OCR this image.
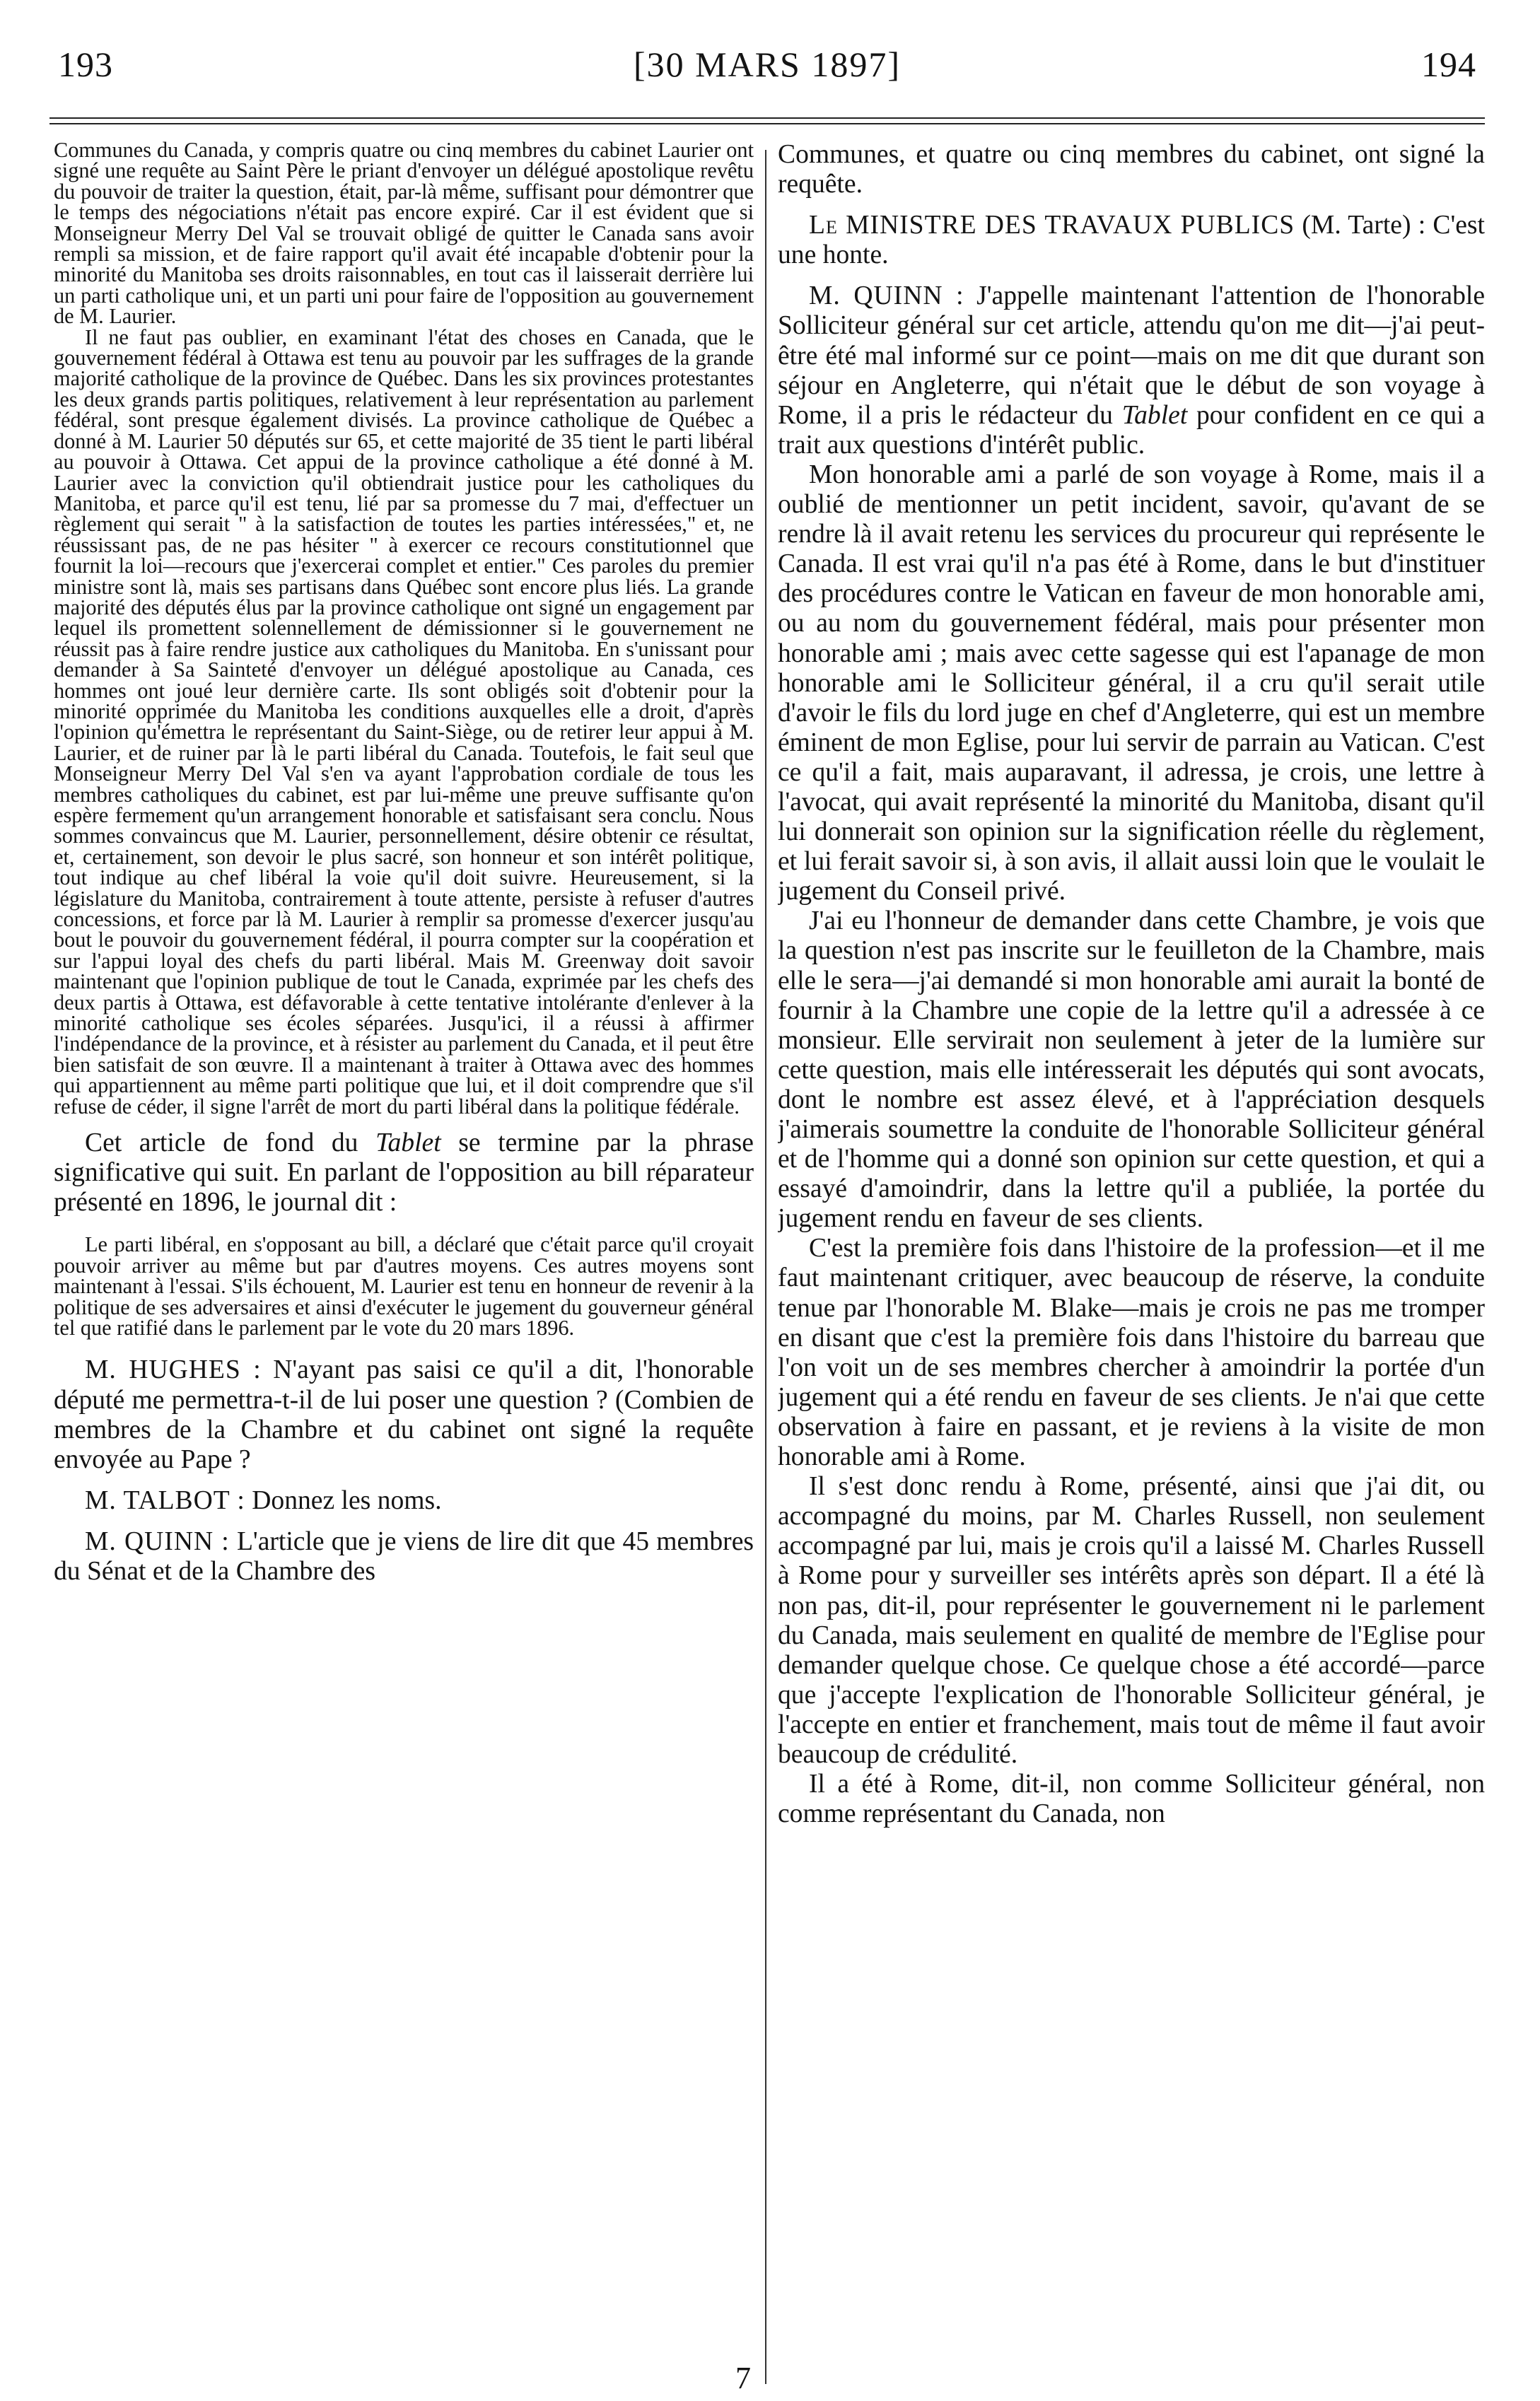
193	[30 MARS 1897]	194

Communes du Canada, y compris quatre ou cinq membres du cabinet Laurier ont signé une requête au Saint Père le priant d'envoyer un délégué apostolique revêtu du pouvoir de traiter la question, était, par-là même, suffisant pour démontrer que le temps des négociations n'était pas encore expiré. Car il est évident que si Monseigneur Merry Del Val se trouvait obligé de quitter le Canada sans avoir rempli sa mission, et de faire rapport qu'il avait été incapable d'obtenir pour la minorité du Manitoba ses droits raisonnables, en tout cas il laisserait derrière lui un parti catholique uni, et un parti uni pour faire de l'opposition au gouvernement de M. Laurier.

Il ne faut pas oublier, en examinant l'état des choses en Canada, que le gouvernement fédéral à Ottawa est tenu au pouvoir par les suffrages de la grande majorité catholique de la province de Québec. Dans les six provinces protestantes les deux grands partis politiques, relativement à leur représentation au parlement fédéral, sont presque également divisés. La province catholique de Québec a donné à M. Laurier 50 députés sur 65, et cette majorité de 35 tient le parti libéral au pouvoir à Ottawa. Cet appui de la province catholique a été donné à M. Laurier avec la conviction qu'il obtiendrait justice pour les catholiques du Manitoba, et parce qu'il est tenu, lié par sa promesse du 7 mai, d'effectuer un règlement qui serait " à la satisfaction de toutes les parties intéressées," et, ne réussissant pas, de ne pas hésiter " à exercer ce recours constitutionnel que fournit la loi—recours que j'exercerai complet et entier." Ces paroles du premier ministre sont là, mais ses partisans dans Québec sont encore plus liés. La grande majorité des députés élus par la province catholique ont signé un engagement par lequel ils promettent solennellement de démissionner si le gouvernement ne réussit pas à faire rendre justice aux catholiques du Manitoba. En s'unissant pour demander à Sa Sainteté d'envoyer un délégué apostolique au Canada, ces hommes ont joué leur dernière carte. Ils sont obligés soit d'obtenir pour la minorité opprimée du Manitoba les conditions auxquelles elle a droit, d'après l'opinion qu'émettra le représentant du Saint-Siège, ou de retirer leur appui à M. Laurier, et de ruiner par là le parti libéral du Canada. Toutefois, le fait seul que Monseigneur Merry Del Val s'en va ayant l'approbation cordiale de tous les membres catholiques du cabinet, est par lui-même une preuve suffisante qu'on espère fermement qu'un arrangement honorable et satisfaisant sera conclu. Nous sommes convaincus que M. Laurier, personnellement, désire obtenir ce résultat, et, certainement, son devoir le plus sacré, son honneur et son intérêt politique, tout indique au chef libéral la voie qu'il doit suivre. Heureusement, si la législature du Manitoba, contrairement à toute attente, persiste à refuser d'autres concessions, et force par là M. Laurier à remplir sa promesse d'exercer jusqu'au bout le pouvoir du gouvernement fédéral, il pourra compter sur la coopération et sur l'appui loyal des chefs du parti libéral. Mais M. Greenway doit savoir maintenant que l'opinion publique de tout le Canada, exprimée par les chefs des deux partis à Ottawa, est défavorable à cette tentative intolérante d'enlever à la minorité catholique ses écoles séparées. Jusqu'ici, il a réussi à affirmer l'indépendance de la province, et à résister au parlement du Canada, et il peut être bien satisfait de son œuvre. Il a maintenant à traiter à Ottawa avec des hommes qui appartiennent au même parti politique que lui, et il doit comprendre que s'il refuse de céder, il signe l'arrêt de mort du parti libéral dans la politique fédérale.

Cet article de fond du Tablet se termine par la phrase significative qui suit. En parlant de l'opposition au bill réparateur présenté en 1896, le journal dit :

Le parti libéral, en s'opposant au bill, a déclaré que c'était parce qu'il croyait pouvoir arriver au même but par d'autres moyens. Ces autres moyens sont maintenant à l'essai. S'ils échouent, M. Laurier est tenu en honneur de revenir à la politique de ses adversaires et ainsi d'exécuter le jugement du gouverneur général tel que ratifié dans le parlement par le vote du 20 mars 1896.

M. HUGHES : N'ayant pas saisi ce qu'il a dit, l'honorable député me permettra-t-il de lui poser une question ? (Combien de membres de la Chambre et du cabinet ont signé la requête envoyée au Pape ?

M. TALBOT : Donnez les noms.

M. QUINN : L'article que je viens de lire dit que 45 membres du Sénat et de la Chambre des

Communes, et quatre ou cinq membres du cabinet, ont signé la requête.

Le MINISTRE DES TRAVAUX PUBLICS (M. Tarte) : C'est une honte.

M. QUINN : J'appelle maintenant l'attention de l'honorable Solliciteur général sur cet article, attendu qu'on me dit—j'ai peut-être été mal informé sur ce point—mais on me dit que durant son séjour en Angleterre, qui n'était que le début de son voyage à Rome, il a pris le rédacteur du Tablet pour confident en ce qui a trait aux questions d'intérêt public.

Mon honorable ami a parlé de son voyage à Rome, mais il a oublié de mentionner un petit incident, savoir, qu'avant de se rendre là il avait retenu les services du procureur qui représente le Canada. Il est vrai qu'il n'a pas été à Rome, dans le but d'instituer des procédures contre le Vatican en faveur de mon honorable ami, ou au nom du gouvernement fédéral, mais pour présenter mon honorable ami ; mais avec cette sagesse qui est l'apanage de mon honorable ami le Solliciteur général, il a cru qu'il serait utile d'avoir le fils du lord juge en chef d'Angleterre, qui est un membre éminent de mon Eglise, pour lui servir de parrain au Vatican. C'est ce qu'il a fait, mais auparavant, il adressa, je crois, une lettre à l'avocat, qui avait représenté la minorité du Manitoba, disant qu'il lui donnerait son opinion sur la signification réelle du règlement, et lui ferait savoir si, à son avis, il allait aussi loin que le voulait le jugement du Conseil privé.

J'ai eu l'honneur de demander dans cette Chambre, je vois que la question n'est pas inscrite sur le feuilleton de la Chambre, mais elle le sera—j'ai demandé si mon honorable ami aurait la bonté de fournir à la Chambre une copie de la lettre qu'il a adressée à ce monsieur. Elle servirait non seulement à jeter de la lumière sur cette question, mais elle intéresserait les députés qui sont avocats, dont le nombre est assez élevé, et à l'appréciation desquels j'aimerais soumettre la conduite de l'honorable Solliciteur général et de l'homme qui a donné son opinion sur cette question, et qui a essayé d'amoindrir, dans la lettre qu'il a publiée, la portée du jugement rendu en faveur de ses clients.

C'est la première fois dans l'histoire de la profession—et il me faut maintenant critiquer, avec beaucoup de réserve, la conduite tenue par l'honorable M. Blake—mais je crois ne pas me tromper en disant que c'est la première fois dans l'histoire du barreau que l'on voit un de ses membres chercher à amoindrir la portée d'un jugement qui a été rendu en faveur de ses clients. Je n'ai que cette observation à faire en passant, et je reviens à la visite de mon honorable ami à Rome.

Il s'est donc rendu à Rome, présenté, ainsi que j'ai dit, ou accompagné du moins, par M. Charles Russell, non seulement accompagné par lui, mais je crois qu'il a laissé M. Charles Russell à Rome pour y surveiller ses intérêts après son départ. Il a été là non pas, dit-il, pour représenter le gouvernement ni le parlement du Canada, mais seulement en qualité de membre de l'Eglise pour demander quelque chose. Ce quelque chose a été accordé—parce que j'accepte l'explication de l'honorable Solliciteur général, je l'accepte en entier et franchement, mais tout de même il faut avoir beaucoup de crédulité.

Il a été à Rome, dit-il, non comme Solliciteur général, non comme représentant du Canada, non

7
